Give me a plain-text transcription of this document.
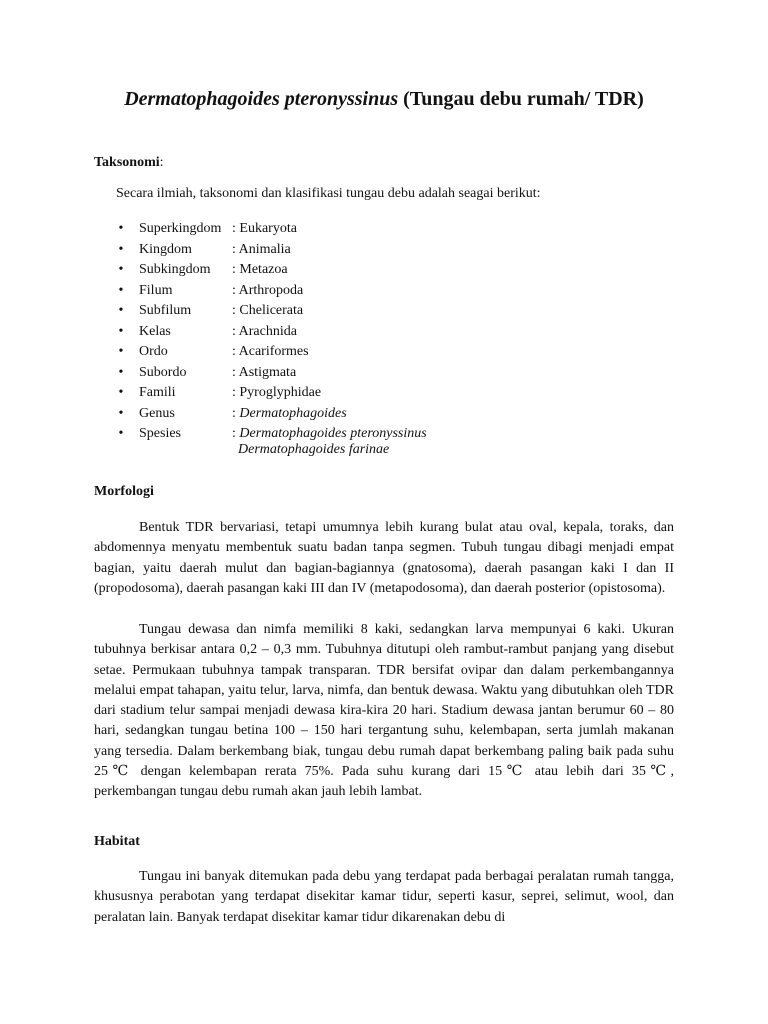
Dermatophagoides pteronyssinus (Tungau debu rumah/ TDR)
Taksonomi:
Secara ilmiah, taksonomi dan klasifikasi tungau debu adalah seagai berikut:
• Superkingdom : Eukaryota
• Kingdom	: Animalia
• Subkingdom : Metazoa
• Filum	: Arthropoda
• Subfilum	: Chelicerata
• Kelas	: Arachnida
• Ordo	: Acariformes
• Subordo	: Astigmata
• Famili	: Pyroglyphidae
• Genus	: Dermatophagoides
• Spesies	: Dermatophagoides pteronyssinus
Dermatophagoides farinae
Morfologi

Bentuk TDR bervariasi, tetapi umumnya lebih kurang bulat atau oval, kepala, toraks, dan abdomennya menyatu membentuk suatu badan tanpa segmen. Tubuh tungau dibagi menjadi empat bagian, yaitu daerah mulut dan bagian-bagiannya (gnatosoma), daerah pasangan kaki I dan II (propodosoma), daerah pasangan kaki III dan IV (metapodosoma), dan daerah posterior (opistosoma).

Tungau dewasa dan nimfa memiliki 8 kaki, sedangkan larva mempunyai 6 kaki. Ukuran tubuhnya berkisar antara 0,2 – 0,3 mm. Tubuhnya ditutupi oleh rambut-rambut panjang yang disebut setae. Permukaan tubuhnya tampak transparan. TDR bersifat ovipar dan dalam perkembangannya melalui empat tahapan, yaitu telur, larva, nimfa, dan bentuk dewasa. Waktu yang dibutuhkan oleh TDR dari stadium telur sampai menjadi dewasa kira-kira 20 hari. Stadium dewasa jantan berumur 60 – 80 hari, sedangkan tungau betina 100 – 150 hari tergantung suhu, kelembapan, serta jumlah makanan yang tersedia. Dalam berkembang biak, tungau debu rumah dapat berkembang paling baik pada suhu 25℃ dengan kelembapan rerata 75%. Pada suhu kurang dari 15℃ atau lebih dari 35℃, perkembangan tungau debu rumah akan jauh lebih lambat.

Habitat

Tungau ini banyak ditemukan pada debu yang terdapat pada berbagai peralatan rumah tangga, khususnya perabotan yang terdapat disekitar kamar tidur, seperti kasur, seprei, selimut, wool, dan peralatan lain. Banyak terdapat disekitar kamar tidur dikarenakan debu di
